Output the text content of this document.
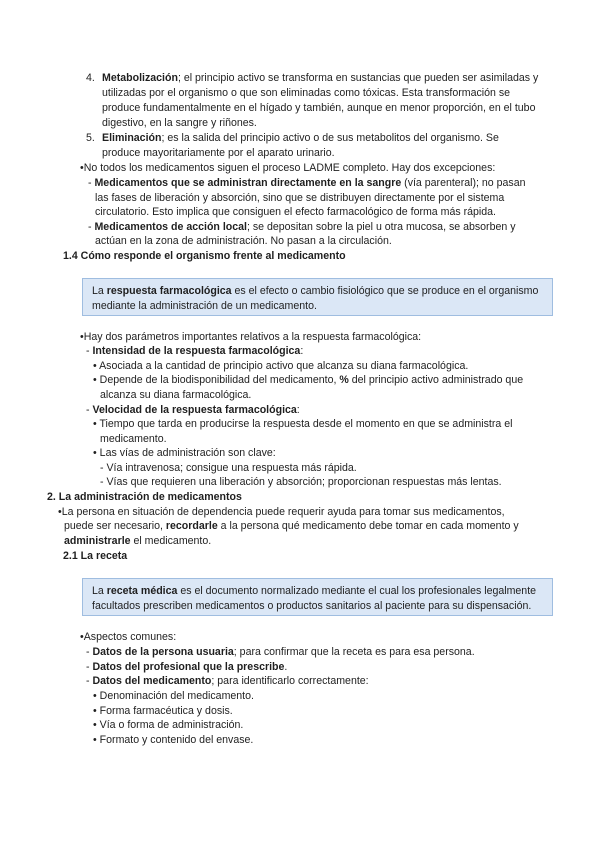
4. Metabolización; el principio activo se transforma en sustancias que pueden ser asimiladas y
utilizadas por el organismo o que son eliminadas como tóxicas. Esta transformación se
produce fundamentalmente en el hígado y también, aunque en menor proporción, en el tubo
digestivo, en la sangre y riñones.
5. Eliminación; es la salida del principio activo o de sus metabolitos del organismo. Se
produce mayoritariamente por el aparato urinario.
•No todos los medicamentos siguen el proceso LADME completo. Hay dos excepciones:
- Medicamentos que se administran directamente en la sangre (vía parenteral); no pasan
las fases de liberación y absorción, sino que se distribuyen directamente por el sistema
circulatorio. Esto implica que consiguen el efecto farmacológico de forma más rápida.
- Medicamentos de acción local; se depositan sobre la piel u otra mucosa, se absorben y
actúan en la zona de administración. No pasan a la circulación.
1.4 Cómo responde el organismo frente al medicamento
La respuesta farmacológica es el efecto o cambio fisiológico que se produce en el organismo
mediante la administración de un medicamento.
•Hay dos parámetros importantes relativos a la respuesta farmacológica:
- Intensidad de la respuesta farmacológica:
• Asociada a la cantidad de principio activo que alcanza su diana farmacológica.
• Depende de la biodisponibilidad del medicamento, % del principio activo administrado que
alcanza su diana farmacológica.
- Velocidad de la respuesta farmacológica:
• Tiempo que tarda en producirse la respuesta desde el momento en que se administra el
medicamento.
• Las vías de administración son clave:
- Vía intravenosa; consigue una respuesta más rápida.
- Vías que requieren una liberación y absorción; proporcionan respuestas más lentas.
2. La administración de medicamentos
•La persona en situación de dependencia puede requerir ayuda para tomar sus medicamentos,
puede ser necesario, recordarle a la persona qué medicamento debe tomar en cada momento y
administrarle el medicamento.
2.1 La receta
La receta médica es el documento normalizado mediante el cual los profesionales legalmente
facultados prescriben medicamentos o productos sanitarios al paciente para su dispensación.
•Aspectos comunes:
- Datos de la persona usuaria; para confirmar que la receta es para esa persona.
- Datos del profesional que la prescribe.
- Datos del medicamento; para identificarlo correctamente:
• Denominación del medicamento.
• Forma farmacéutica y dosis.
• Vía o forma de administración.
• Formato y contenido del envase.
